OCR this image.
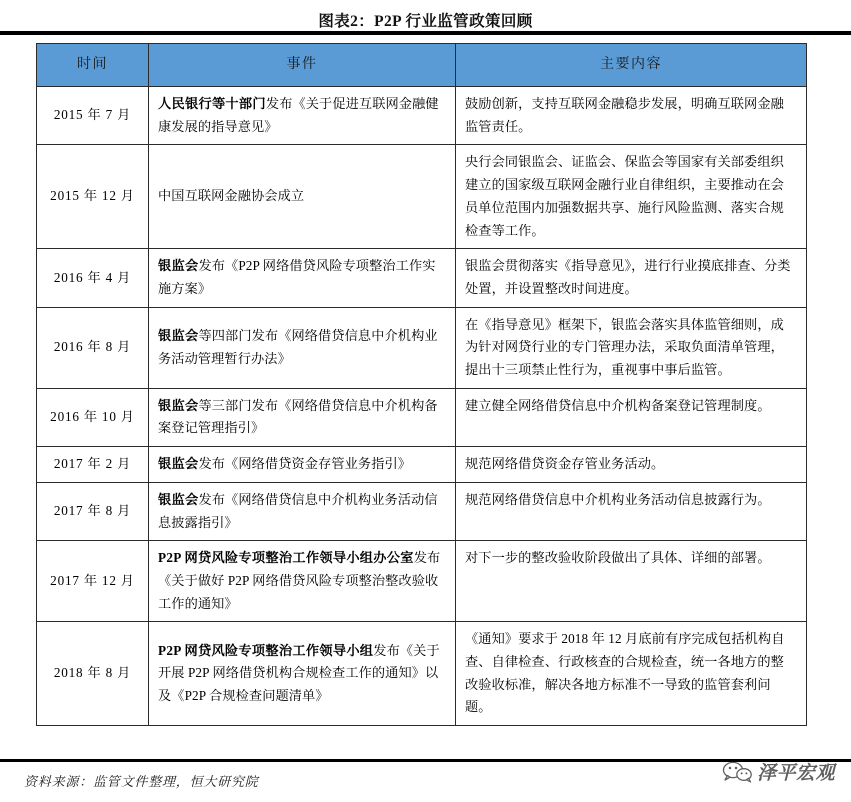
图表2：P2P 行业监管政策回顾
时间	事件	主要内容
2015 年 7 月	人民银行等十部门发布《关于促进互联网金融健康发展的指导意见》	鼓励创新，支持互联网金融稳步发展，明确互联网金融监管责任。
2015 年 12 月	中国互联网金融协会成立	央行会同银监会、证监会、保监会等国家有关部委组织建立的国家级互联网金融行业自律组织，主要推动在会员单位范围内加强数据共享、施行风险监测、落实合规检查等工作。
2016 年 4 月	银监会发布《P2P 网络借贷风险专项整治工作实施方案》	银监会贯彻落实《指导意见》，进行行业摸底排查、分类处置，并设置整改时间进度。
2016 年 8 月	银监会等四部门发布《网络借贷信息中介机构业务活动管理暂行办法》	在《指导意见》框架下，银监会落实具体监管细则，成为针对网贷行业的专门管理办法，采取负面清单管理，提出十三项禁止性行为，重视事中事后监管。
2016 年 10 月	银监会等三部门发布《网络借贷信息中介机构备案登记管理指引》	建立健全网络借贷信息中介机构备案登记管理制度。
2017 年 2 月	银监会发布《网络借贷资金存管业务指引》	规范网络借贷资金存管业务活动。
2017 年 8 月	银监会发布《网络借贷信息中介机构业务活动信息披露指引》	规范网络借贷信息中介机构业务活动信息披露行为。
2017 年 12 月	P2P 网贷风险专项整治工作领导小组办公室发布《关于做好 P2P 网络借贷风险专项整治整改验收工作的通知》	对下一步的整改验收阶段做出了具体、详细的部署。
2018 年 8 月	P2P 网贷风险专项整治工作领导小组发布《关于开展 P2P 网络借贷机构合规检查工作的通知》以及《P2P 合规检查问题清单》	《通知》要求于 2018 年 12 月底前有序完成包括机构自查、自律检查、行政核查的合规检查，统一各地方的整改验收标准，解决各地方标准不一导致的监管套利问题。
资料来源：监管文件整理，恒大研究院	泽平宏观
